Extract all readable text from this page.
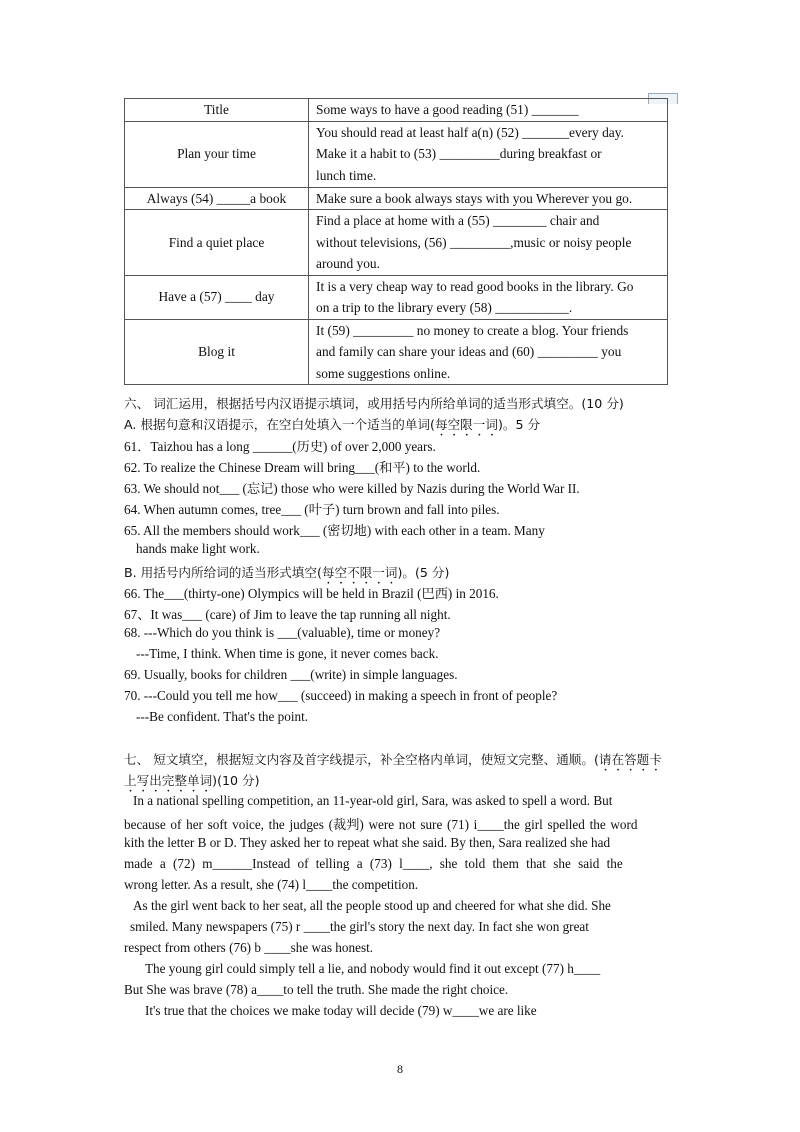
Title	Some ways to have a good reading (51) _______

Plan your time	You should read at least half a(n) (52) _______every day.
Make it a habit to (53) _________during breakfast or
lunch time.

Always (54) _____a book	Make sure a book always stays with you Wherever you go.

Find a quiet place	Find a place at home with a (55) ________ chair and
without televisions, (56) _________,music or noisy people
around you.

Have a (57) ____ day	It is a very cheap way to read good books in the library. Go
on a trip to the library every (58) ___________.

Blog it	It (59) _________ no money to create a blog. Your friends
and family can share your ideas and (60) _________ you
some suggestions online.
六、 词汇运用，根据括号内汉语提示填词，或用括号内所给单词的适当形式填空。(10 分)
A. 根据句意和汉语提示，在空白处填入一个适当的单词(每空限一词)。5 分
61．Taizhou has a long ______(历史) of over 2,000 years.
62. To realize the Chinese Dream will bring___(和平) to the world.
63. We should not___ (忘记) those who were killed by Nazis during the World War II.
64. When autumn comes, tree___ (叶子) turn brown and fall into piles.
65. All the members should work___ (密切地) with each other in a team. Many
hands make light work.
B. 用括号内所给词的适当形式填空(每空不限一词)。(5 分)
66. The___(thirty-one) Olympics will be held in Brazil (巴西) in 2016.
67、It was___ (care) of Jim to leave the tap running all night.
68. ---Which do you think is ___(valuable), time or money?
---Time, I think. When time is gone, it never comes back.
69. Usually, books for children ___(write) in simple languages.
70. ---Could you tell me how___ (succeed) in making a speech in front of people?
---Be confident. That's the point.
七、 短文填空，根据短文内容及首字线提示，补全空格内单词，使短文完整、通顺。(请在答题卡
上写出完整单词)(10 分)
In a national spelling competition, an 11-year-old girl, Sara, was asked to spell a word. But
because of her soft voice, the judges (裁判) were not sure (71) i____the girl spelled the word
kith the letter B or D. They asked her to repeat what she said. By then, Sara realized she had
made a (72) m______Instead of telling a (73) l____, she told them that she said the
wrong letter. As a result, she (74) l____the competition.
As the girl went back to her seat, all the people stood up and cheered for what she did. She
smiled. Many newspapers (75) r ____the girl's story the next day. In fact she won great
respect from others (76) b ____she was honest.
The young girl could simply tell a lie, and nobody would find it out except (77) h____
But She was brave (78) a____to tell the truth. She made the right choice.
It's true that the choices we make today will decide (79) w____we are like
8
